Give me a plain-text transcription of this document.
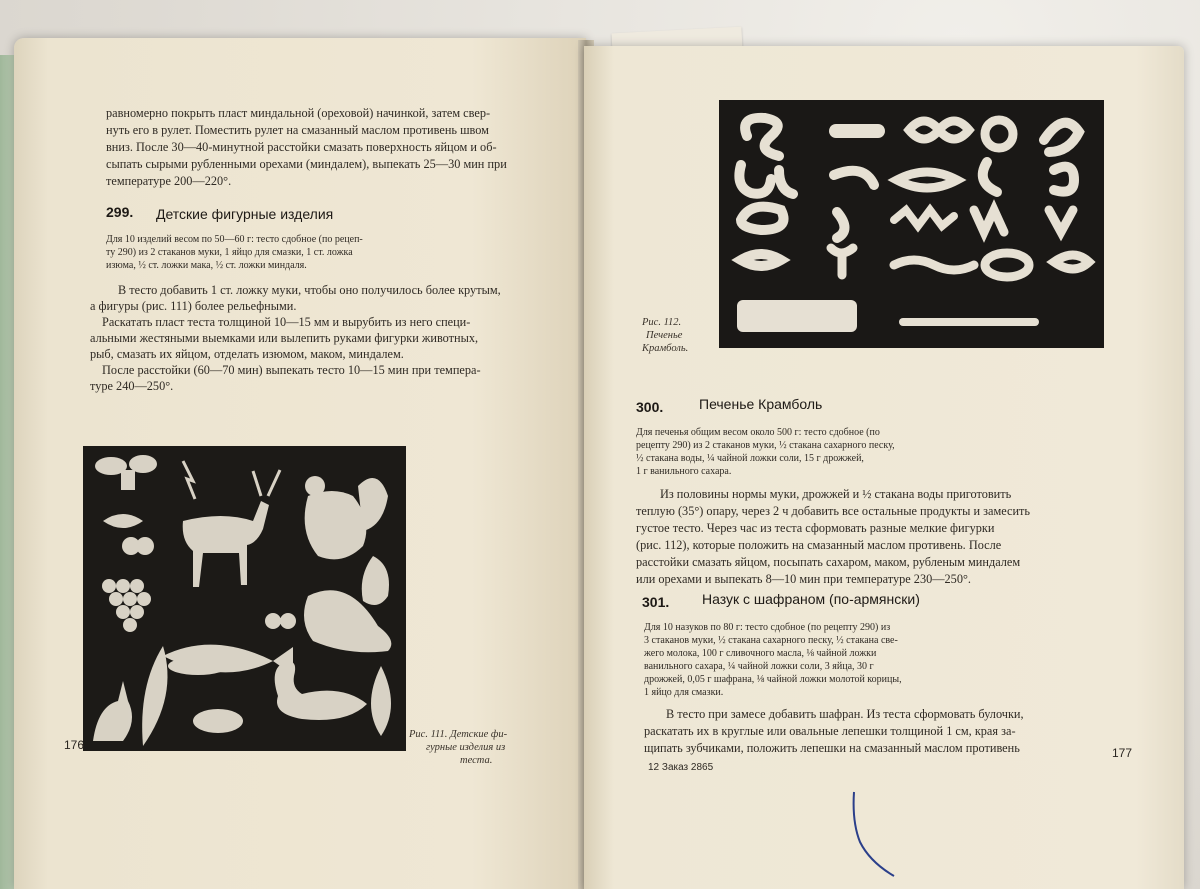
равномерно покрыть пласт миндальной (ореховой) начинкой, затем свер-
нуть его в рулет. Поместить рулет на смазанный маслом противень швом
вниз. После 30—40-минутной расстойки смазать поверхность яйцом и об-
сыпать сырыми рубленными орехами (миндалем), выпекать 25—30 мин при
температуре 200—220°.
299. Детские фигурные изделия
Для 10 изделий весом по 50—60 г: тесто сдобное (по рецеп-
ту 290) из 2 стаканов муки, 1 яйцо для смазки, 1 ст. ложка
изюма, ½ ст. ложки мака, ½ ст. ложки миндаля.
В тесто добавить 1 ст. ложку муки, чтобы оно получилось более крутым,
а фигуры (рис. 111) более рельефными.
Раскатать пласт теста толщиной 10—15 мм и вырубить из него специ-
альными жестяными выемками или вылепить руками фигурки животных,
рыб, смазать их яйцом, отделать изюмом, маком, миндалем.
После расстойки (60—70 мин) выпекать тесто 10—15 мин при темпера-
туре 240—250°.
Рис. 111. Детские фи-
гурные изделия из
теста.
176
Рис. 112.
Печенье
Крамболь.
300.	Печенье Крамболь
Для печенья общим весом около 500 г: тесто сдобное (по
рецепту 290) из 2 стаканов муки, ½ стакана сахарного песку,
½ стакана воды, ¼ чайной ложки соли, 15 г дрожжей,
1 г ванильного сахара.
Из половины нормы муки, дрожжей и ½ стакана воды приготовить
теплую (35°) опару, через 2 ч добавить все остальные продукты и замесить
густое тесто. Через час из теста сформовать разные мелкие фигурки
(рис. 112), которые положить на смазанный маслом противень. После
расстойки смазать яйцом, посыпать сахаром, маком, рубленым миндалем
или орехами и выпекать 8—10 мин при температуре 230—250°.
301. Назук с шафраном (по-армянски)
Для 10 назуков по 80 г: тесто сдобное (по рецепту 290) из
3 стаканов муки, ½ стакана сахарного песку, ½ стакана све-
жего молока, 100 г сливочного масла, ⅛ чайной ложки
ванильного сахара, ¼ чайной ложки соли, 3 яйца, 30 г
дрожжей, 0,05 г шафрана, ⅛ чайной ложки молотой корицы,
1 яйцо для смазки.
В тесто при замесе добавить шафран. Из теста сформовать булочки,
раскатать их в круглые или овальные лепешки толщиной 1 см, края за-
щипать зубчиками, положить лепешки на смазанный маслом противень	177
12 Заказ 2865
